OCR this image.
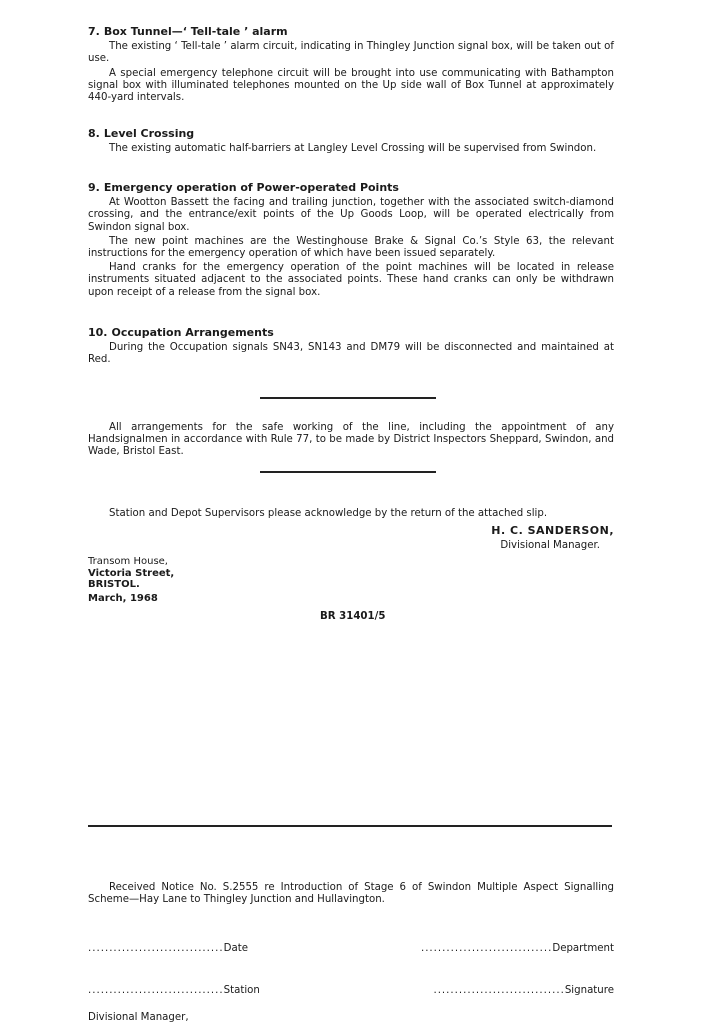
7. Box Tunnel—‘ Tell-tale ’ alarm

The existing ‘ Tell-tale ’ alarm circuit, indicating in Thingley Junction signal box, will be taken out of use.

A special emergency telephone circuit will be brought into use communicating with Bathampton signal box with illuminated telephones mounted on the Up side wall of Box Tunnel at approximately 440-yard intervals.

8. Level Crossing

The existing automatic half-barriers at Langley Level Crossing will be supervised from Swindon.

9. Emergency operation of Power-operated Points

At Wootton Bassett the facing and trailing junction, together with the associated switch-diamond crossing, and the entrance/exit points of the Up Goods Loop, will be operated electrically from Swindon signal box.

The new point machines are the Westinghouse Brake & Signal Co.’s Style 63, the relevant instructions for the emergency operation of which have been issued separately.

Hand cranks for the emergency operation of the point machines will be located in release instruments situated adjacent to the associated points. These hand cranks can only be withdrawn upon receipt of a release from the signal box.

10. Occupation Arrangements

During the Occupation signals SN43, SN143 and DM79 will be disconnected and maintained at Red.

All arrangements for the safe working of the line, including the appointment of any Handsignalmen in accordance with Rule 77, to be made by District Inspectors Sheppard, Swindon, and Wade, Bristol East.

Station and Depot Supervisors please acknowledge by the return of the attached slip.

H. C. SANDERSON,
Divisional Manager.
Transom House,
Victoria Street,
BRISTOL.
March, 1968
BR 31401/5

Received Notice No. S.2555 re Introduction of Stage 6 of Swindon Multiple Aspect Signalling Scheme—Hay Lane to Thingley Junction and Hullavington.

................................Date	...............................Department
................................Station	...............................Signature
Divisional Manager,
